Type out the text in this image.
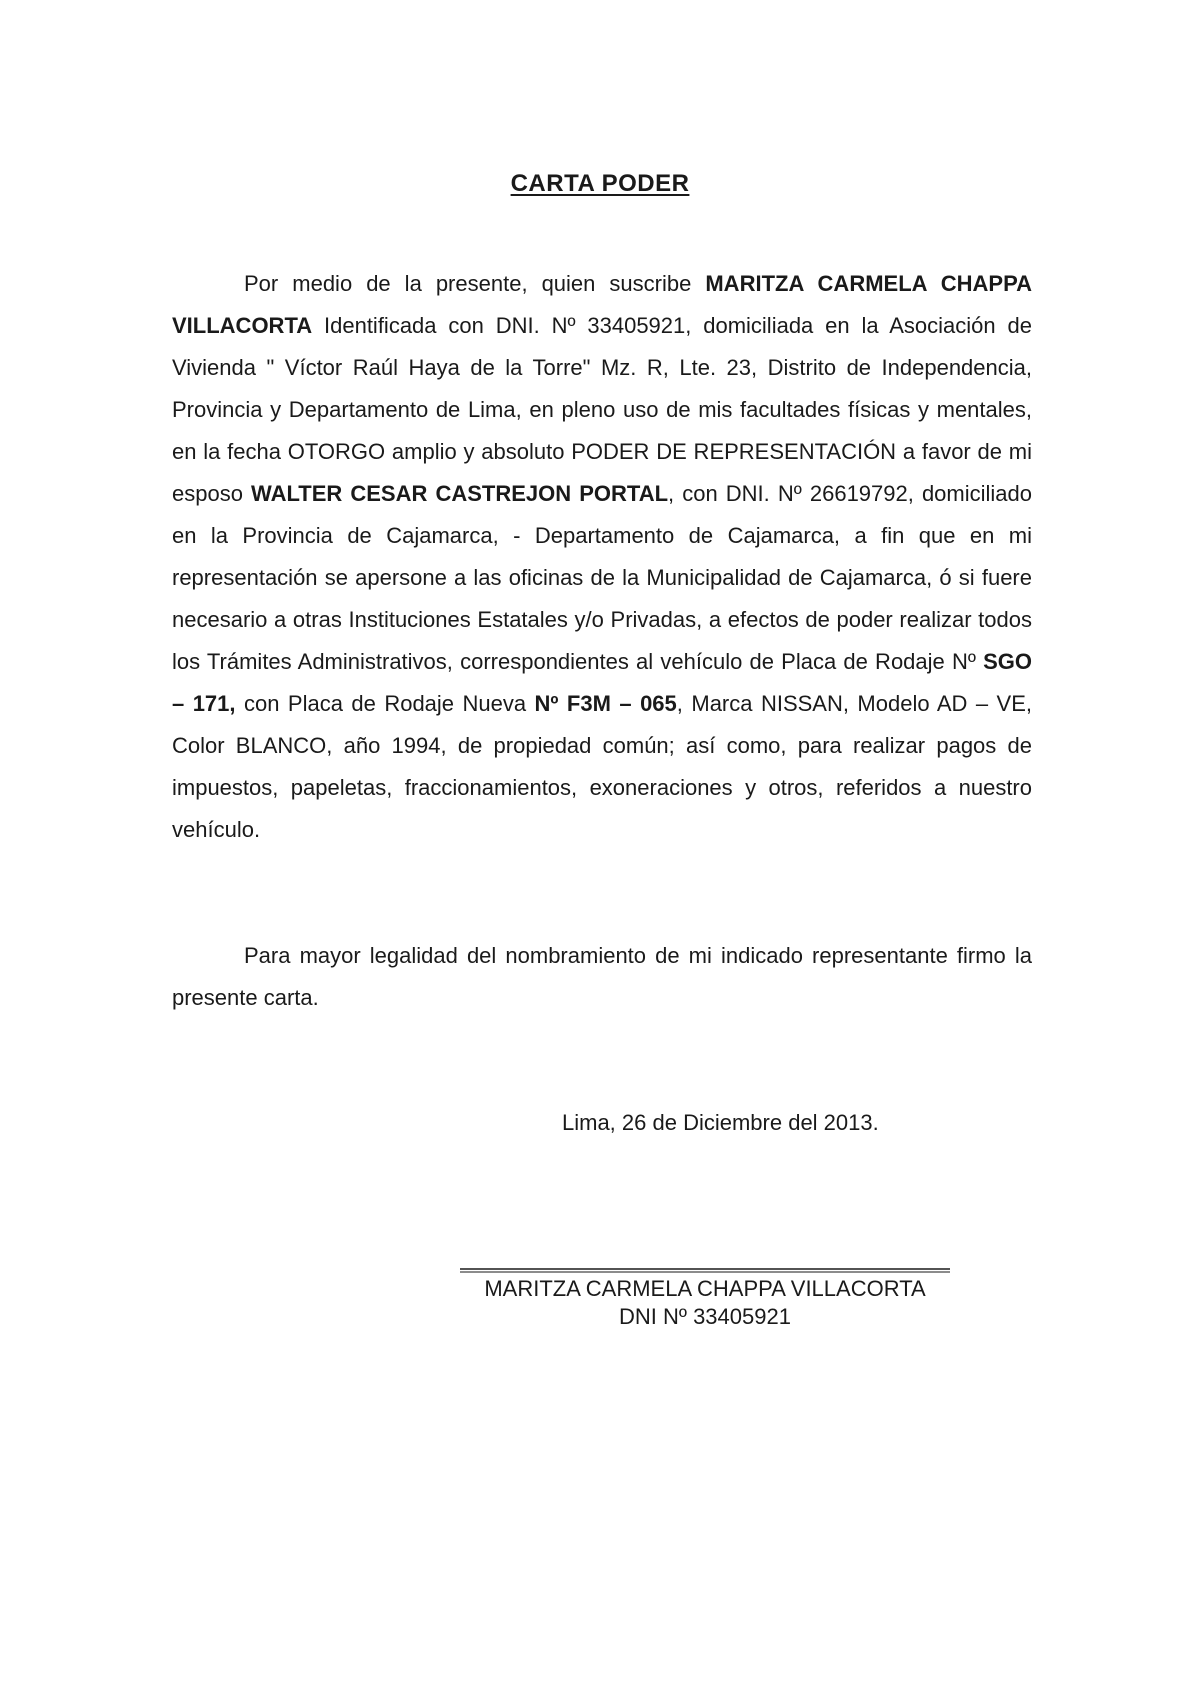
CARTA PODER
Por medio de la presente, quien suscribe MARITZA CARMELA CHAPPA VILLACORTA Identificada con DNI. Nº 33405921, domiciliada en la Asociación de Vivienda " Víctor Raúl Haya de la Torre" Mz. R, Lte. 23, Distrito de Independencia, Provincia y Departamento de Lima, en pleno uso de mis facultades físicas y mentales, en la fecha OTORGO amplio y absoluto PODER DE REPRESENTACIÓN a favor de mi esposo WALTER CESAR CASTREJON PORTAL, con DNI. Nº 26619792, domiciliado en la Provincia de Cajamarca, - Departamento de Cajamarca, a fin que en mi representación se apersone a las oficinas de la Municipalidad de Cajamarca, ó si fuere necesario a otras Instituciones Estatales y/o Privadas, a efectos de poder realizar todos los Trámites Administrativos, correspondientes al vehículo de Placa de Rodaje Nº SGO – 171, con Placa de Rodaje Nueva Nº F3M – 065, Marca NISSAN, Modelo AD – VE, Color BLANCO, año 1994, de propiedad común; así como, para realizar pagos de impuestos, papeletas, fraccionamientos, exoneraciones y otros, referidos a nuestro vehículo.
Para mayor legalidad del nombramiento de mi indicado representante firmo la presente carta.
Lima, 26 de Diciembre del 2013.
MARITZA CARMELA CHAPPA VILLACORTA
DNI Nº 33405921
